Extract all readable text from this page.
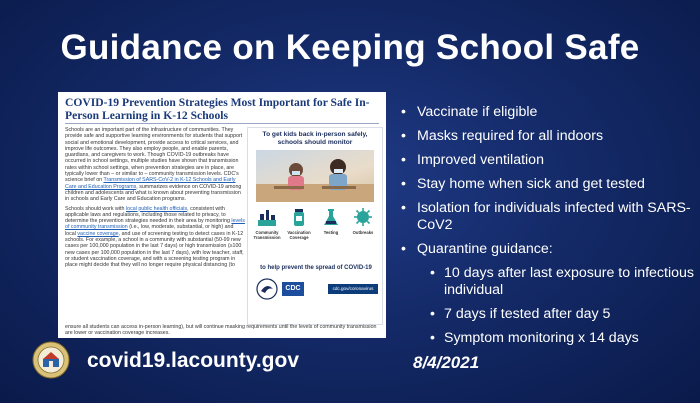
Guidance on Keeping School Safe
COVID-19 Prevention Strategies Most Important for Safe In-Person Learning in K-12 Schools

Schools are an important part of the infrastructure of communities. They provide safe and supportive learning environments for students that support social and emotional development, provide access to critical services, and improve life outcomes. They also employ people, and enable parents, guardians, and caregivers to work. Though COVID-19 outbreaks have occurred in school settings, multiple studies have shown that transmission rates within school settings, when prevention strategies are in place, are typically lower than – or similar to – community transmission levels. CDC's science brief on Transmission of SARS-CoV-2 in K-12 Schools and Early Care and Education Programs, summarizes evidence on COVID-19 among children and adolescents and what is known about preventing transmission in schools and Early Care and Education programs.

Schools should work with local public health officials, consistent with applicable laws and regulations, including those related to privacy, to determine the prevention strategies needed in their area by monitoring levels of community transmission (i.e., low, moderate, substantial, or high) and local vaccine coverage, and use of screening testing to detect cases in K-12 schools. For example, a school in a community with substantial (50-99 new cases per 100,000 population in the last 7 days) or high transmission (≥100 new cases per 100,000 population in the last 7 days), with low teacher, staff, or student vaccination coverage, and with a screening testing program in place might decide that they will no longer require physical distancing (to

To get kids back in-person safely, schools should monitor
Community Transmission
Vaccination Coverage
Testing	Outbreaks
to help prevent the spread of COVID-19
CDC	cdc.gov/coronavirus
ensure all students can access in-person learning), but will continue masking requirements until the levels of community transmission are lower or vaccination coverage increases.
• Vaccinate if eligible
• Masks required for all indoors
• Improved ventilation
• Stay home when sick and get tested
• Isolation for individuals infected with SARS-CoV2
• Quarantine guidance:
• 10 days after last exposure to infectious individual
• 7 days if tested after day 5
• Symptom monitoring x 14 days
covid19.lacounty.gov	8/4/2021
